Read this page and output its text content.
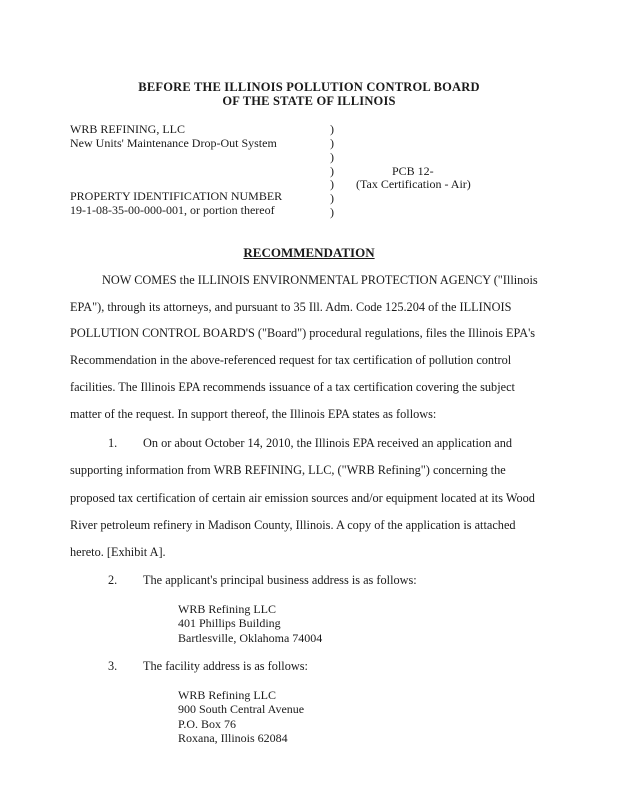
BEFORE THE ILLINOIS POLLUTION CONTROL BOARD
OF THE STATE OF ILLINOIS
WRB REFINING, LLC
New Units' Maintenance Drop-Out System
PROPERTY IDENTIFICATION NUMBER
19-1-08-35-00-000-001, or portion thereof
)
)
)
)
)
)
)
PCB 12-
(Tax Certification - Air)
RECOMMENDATION
NOW COMES the ILLINOIS ENVIRONMENTAL PROTECTION AGENCY ("Illinois
EPA"), through its attorneys, and pursuant to 35 Ill. Adm. Code 125.204 of the ILLINOIS
POLLUTION CONTROL BOARD'S ("Board") procedural regulations, files the Illinois EPA's
Recommendation in the above-referenced request for tax certification of pollution control
facilities. The Illinois EPA recommends issuance of a tax certification covering the subject
matter of the request. In support thereof, the Illinois EPA states as follows:
1. On or about October 14, 2010, the Illinois EPA received an application and
supporting information from WRB REFINING, LLC, ("WRB Refining") concerning the
proposed tax certification of certain air emission sources and/or equipment located at its Wood
River petroleum refinery in Madison County, Illinois. A copy of the application is attached
hereto. [Exhibit A].
2. The applicant's principal business address is as follows:
WRB Refining LLC
401 Phillips Building
Bartlesville, Oklahoma 74004
3. The facility address is as follows:
WRB Refining LLC
900 South Central Avenue
P.O. Box 76
Roxana, Illinois 62084
